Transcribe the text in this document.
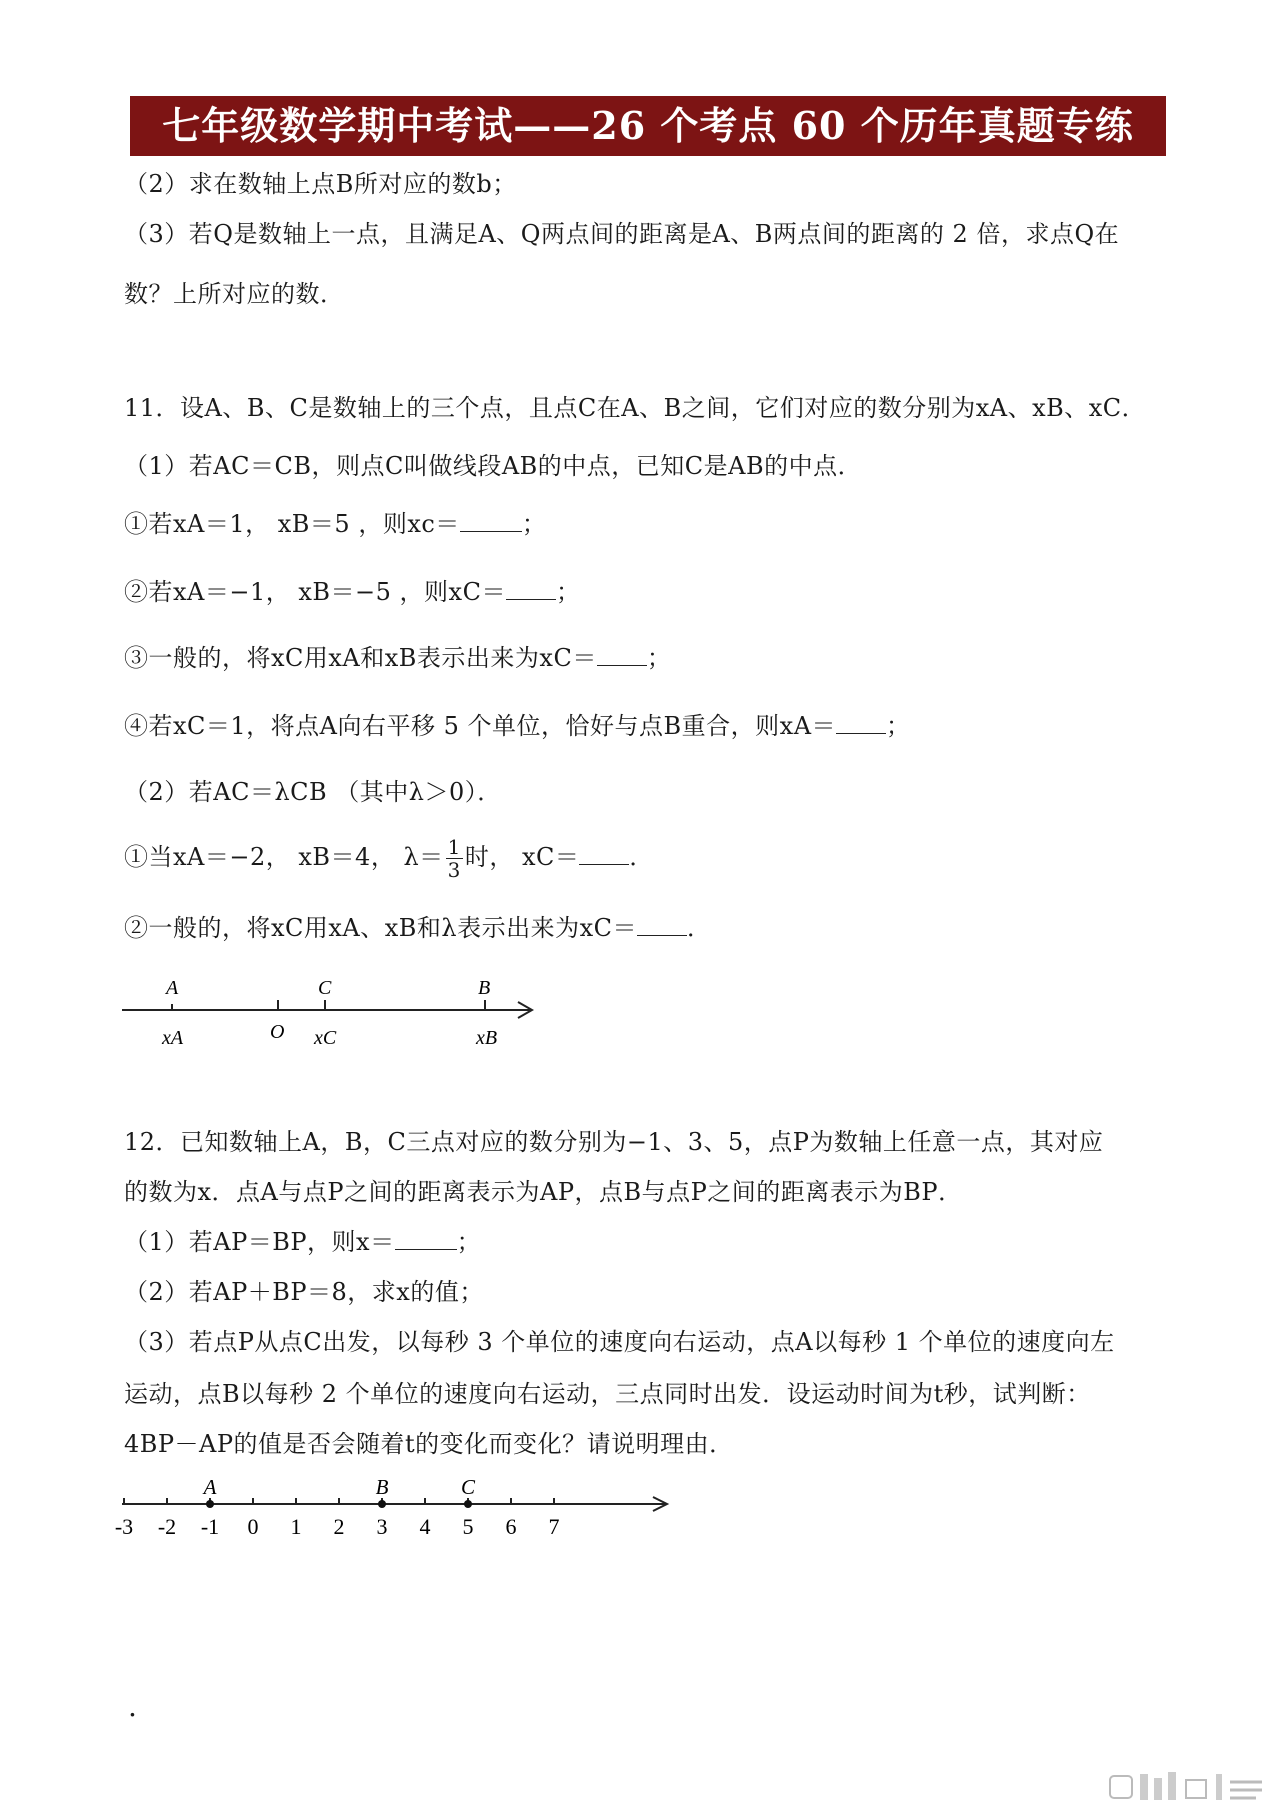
七年级数学期中考试——26 个考点 60 个历年真题专练
（2）求在数轴上点B所对应的数b；
（3）若Q是数轴上一点，且满足A、Q两点间的距离是A、B两点间的距离的 2 倍，求点Q在
数？上所对应的数．
11．设A、B、C是数轴上的三个点，且点C在A、B之间，它们对应的数分别为xA、xB、xC．
（1）若AC＝CB，则点C叫做线段AB的中点，已知C是AB的中点．
①若xA＝1， xB＝5 ，则xc＝	；
②若xA＝−1， xB＝−5 ，则xC＝ ；
③一般的，将xC用xA和xB表示出来为xC＝ ；
④若xC＝1，将点A向右平移 5 个单位，恰好与点B重合，则xA＝ ；
（2）若AC＝λCB （其中λ＞0）．
①当xA＝−2， xB＝4， $\lambda= \frac{1}{3}$ 时， xC＝ ．
②一般的，将xC用xA、xB和λ表示出来为xC＝ ．
A	C	B
O
xA	xC	xB
12．已知数轴上A，B，C三点对应的数分别为−1、3、5，点P为数轴上任意一点，其对应
的数为x．点A与点P之间的距离表示为AP，点B与点P之间的距离表示为BP．
（1）若AP＝BP，则x＝	；
（2）若AP＋BP＝8，求x的值；
（3）若点P从点C出发，以每秒 3 个单位的速度向右运动，点A以每秒 1 个单位的速度向左
运动，点B以每秒 2 个单位的速度向右运动，三点同时出发．设运动时间为t秒，试判断：
4BP－AP的值是否会随着t的变化而变化？请说明理由．
-3 -2 -1 0 1 2 3 4 5 6 7
A	B	C
.
